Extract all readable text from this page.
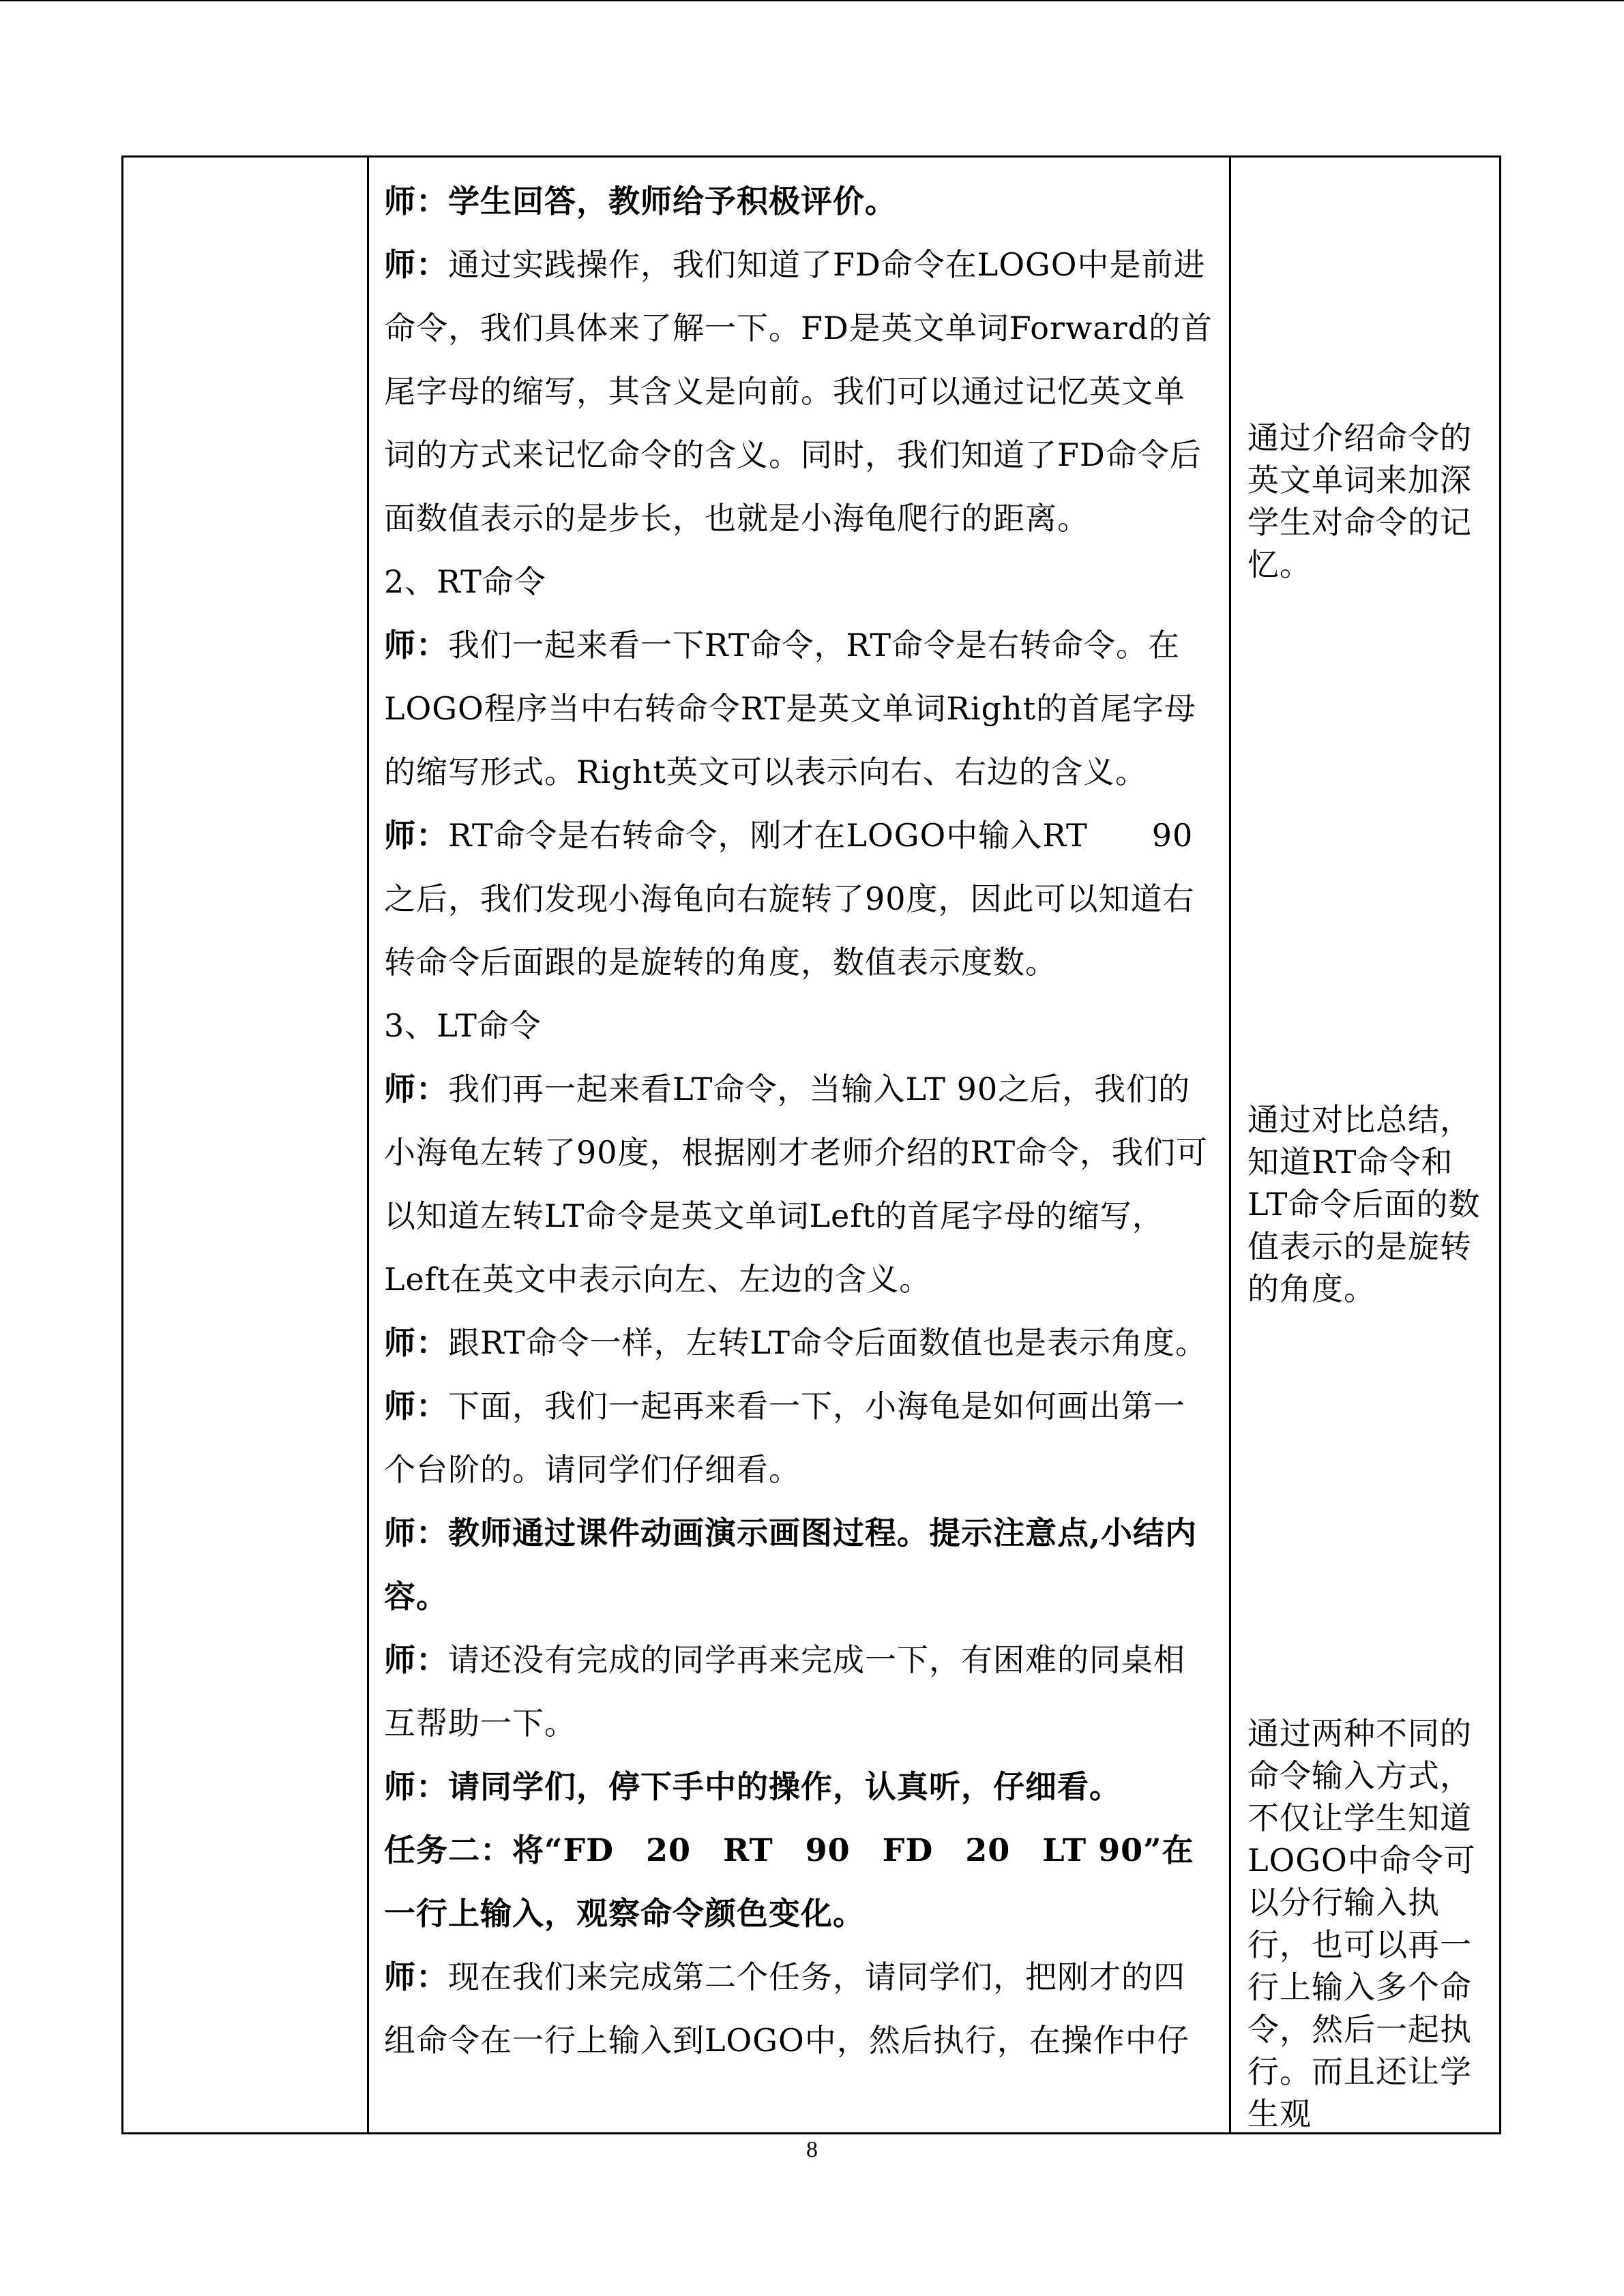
师：学生回答，教师给予积极评价。

师：通过实践操作，我们知道了FD命令在LOGO中是前进命令，我们具体来了解一下。FD是英文单词Forward的首尾字母的缩写，其含义是向前。我们可以通过记忆英文单词的方式来记忆命令的含义。同时，我们知道了FD命令后面数值表示的是步长，也就是小海龟爬行的距离。

2、RT命令

师：我们一起来看一下RT命令，RT命令是右转命令。在LOGO程序当中右转命令RT是英文单词Right的首尾字母的缩写形式。Right英文可以表示向右、右边的含义。

师：RT命令是右转命令，刚才在LOGO中输入RT　　90之后，我们发现小海龟向右旋转了90度，因此可以知道右转命令后面跟的是旋转的角度，数值表示度数。

3、LT命令

师：我们再一起来看LT命令，当输入LT 90之后，我们的小海龟左转了90度，根据刚才老师介绍的RT命令，我们可以知道左转LT命令是英文单词Left的首尾字母的缩写，Left在英文中表示向左、左边的含义。

师：跟RT命令一样，左转LT命令后面数值也是表示角度。

师：下面，我们一起再来看一下，小海龟是如何画出第一个台阶的。请同学们仔细看。

师：教师通过课件动画演示画图过程。提示注意点,小结内容。

师：请还没有完成的同学再来完成一下，有困难的同桌相互帮助一下。

师：请同学们，停下手中的操作，认真听，仔细看。

任务二：将“FD　20　RT　90　FD　20　LT 90”在一行上输入，观察命令颜色变化。

师：现在我们来完成第二个任务，请同学们，把刚才的四组命令在一行上输入到LOGO中，然后执行，在操作中仔

通过介绍命令的英文单词来加深学生对命令的记忆。
通过对比总结，知道RT命令和LT命令后面的数值表示的是旋转的角度。
通过两种不同的命令输入方式，不仅让学生知道LOGO中命令可以分行输入执行，也可以再一行上输入多个命令，然后一起执行。而且还让学生观
8
